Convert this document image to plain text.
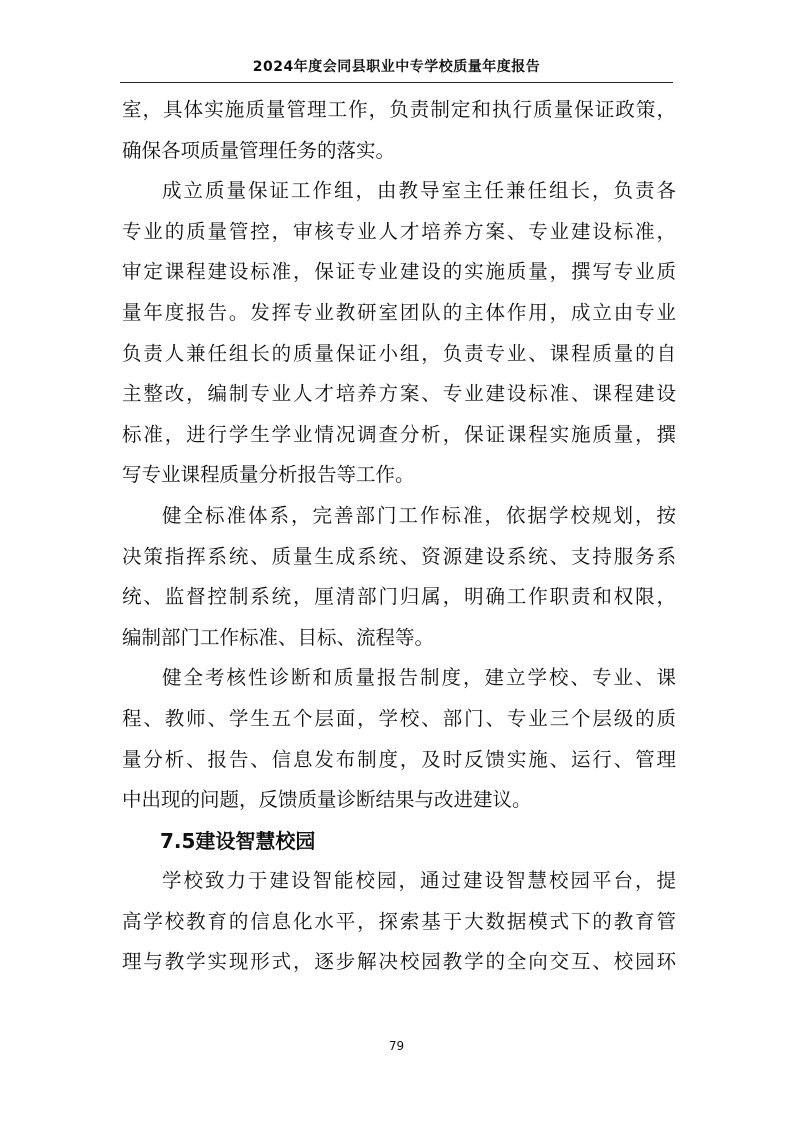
2024年度会同县职业中专学校质量年度报告
室，具体实施质量管理工作，负责制定和执行质量保证政策，
确保各项质量管理任务的落实。
成立质量保证工作组，由教导室主任兼任组长，负责各
专业的质量管控，审核专业人才培养方案、专业建设标准，
审定课程建设标准，保证专业建设的实施质量，撰写专业质
量年度报告。发挥专业教研室团队的主体作用，成立由专业
负责人兼任组长的质量保证小组，负责专业、课程质量的自
主整改，编制专业人才培养方案、专业建设标准、课程建设
标准，进行学生学业情况调查分析，保证课程实施质量，撰
写专业课程质量分析报告等工作。
健全标准体系，完善部门工作标准，依据学校规划，按
决策指挥系统、质量生成系统、资源建设系统、支持服务系
统、监督控制系统，厘清部门归属，明确工作职责和权限，
编制部门工作标准、目标、流程等。
健全考核性诊断和质量报告制度，建立学校、专业、课
程、教师、学生五个层面，学校、部门、专业三个层级的质
量分析、报告、信息发布制度，及时反馈实施、运行、管理
中出现的问题，反馈质量诊断结果与改进建议。
7.5建设智慧校园
学校致力于建设智能校园，通过建设智慧校园平台，提
高学校教育的信息化水平，探索基于大数据模式下的教育管
理与教学实现形式，逐步解决校园教学的全向交互、校园环
79
